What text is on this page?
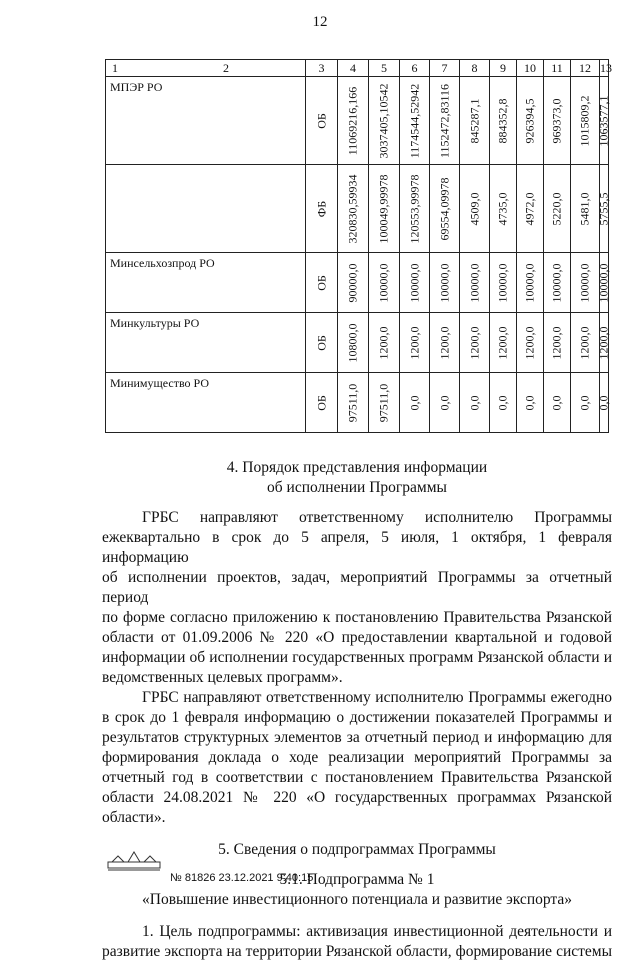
12
1 2	3	4	5	6	7	8	9	10	11	12	13
МПЭР РО	ОБ	11069216,166	3037405,10542	1174544,52942	1152472,83116	845287,1	884352,8	926394,5	969373,0	1015809,2	1063577,1

	ФБ	320830,59934	100049,99978	120553,99978	69554,09978	4509,0	4735,0	4972,0	5220,0	5481,0	5755,5

Минсельхозпрод РО	ОБ	90000,0	10000,0	10000,0	10000,0	10000,0	10000,0	10000,0	10000,0	10000,0	10000,0

Минкультуры РО	ОБ	10800,0	1200,0	1200,0	1200,0	1200,0	1200,0	1200,0	1200,0	1200,0	1200,0

Минимущество РО	ОБ	97511,0	97511,0	0,0	0,0	0,0	0,0	0,0	0,0	0,0	0,0
4. Порядок представления информации
об исполнении Программы
ГРБС направляют ответственному исполнителю Программы
ежеквартально в срок до 5 апреля, 5 июля, 1 октября, 1 февраля информацию
об исполнении проектов, задач, мероприятий Программы за отчетный период
по форме согласно приложению к постановлению Правительства Рязанской
области от 01.09.2006 № 220 «О предоставлении квартальной и годовой
информации об исполнении государственных программ Рязанской области и
ведомственных целевых программ».
ГРБС направляют ответственному исполнителю Программы ежегодно
в срок до 1 февраля информацию о достижении показателей Программы и
результатов структурных элементов за отчетный период и информацию для
формирования доклада о ходе реализации мероприятий Программы за
отчетный год в соответствии с постановлением Правительства Рязанской
области 24.08.2021 № 220 «О государственных программах Рязанской
области».
5. Сведения о подпрограммах Программы
5.1. Подпрограмма № 1
«Повышение инвестиционного потенциала и развитие экспорта»
1. Цель подпрограммы: активизация инвестиционной деятельности и
развитие экспорта на территории Рязанской области, формирование системы
№ 81826 23.12.2021 9:40:15
